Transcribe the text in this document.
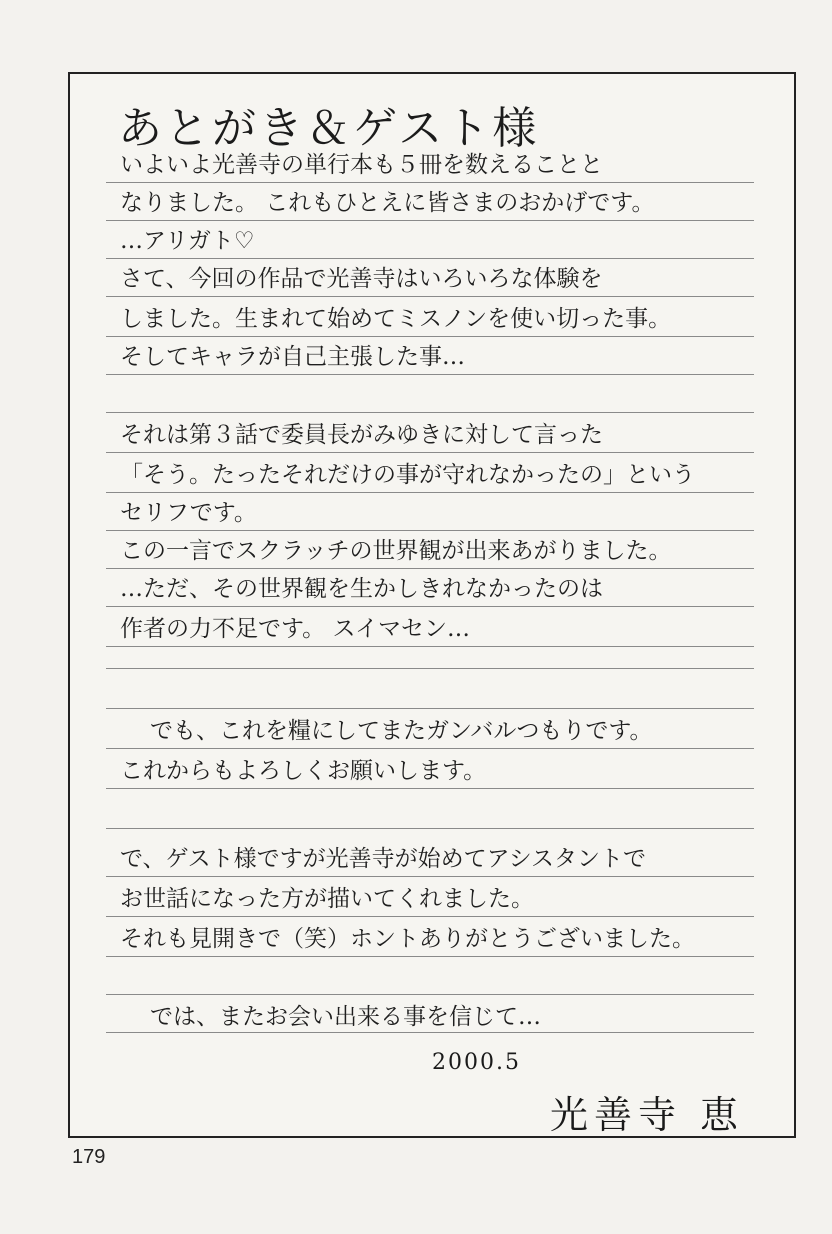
あとがき＆ゲスト様
いよいよ光善寺の単行本も５冊を数えることと
なりました。 これもひとえに皆さまのおかげです。
…アリガト♡
さて、今回の作品で光善寺はいろいろな体験を
しました。生まれて始めてミスノンを使い切った事。
そしてキャラが自己主張した事…
それは第３話で委員長がみゆきに対して言った
「そう。たったそれだけの事が守れなかったの」という
セリフです。
この一言でスクラッチの世界観が出来あがりました。
…ただ、その世界観を生かしきれなかったのは
作者の力不足です。 スイマセン…
でも、これを糧にしてまたガンバルつもりです。
これからもよろしくお願いします。
で、ゲスト様ですが光善寺が始めてアシスタントで
お世話になった方が描いてくれました。
それも見開きで（笑）ホントありがとうございました。
では、またお会い出来る事を信じて…
2000.5
光善寺 恵
179
